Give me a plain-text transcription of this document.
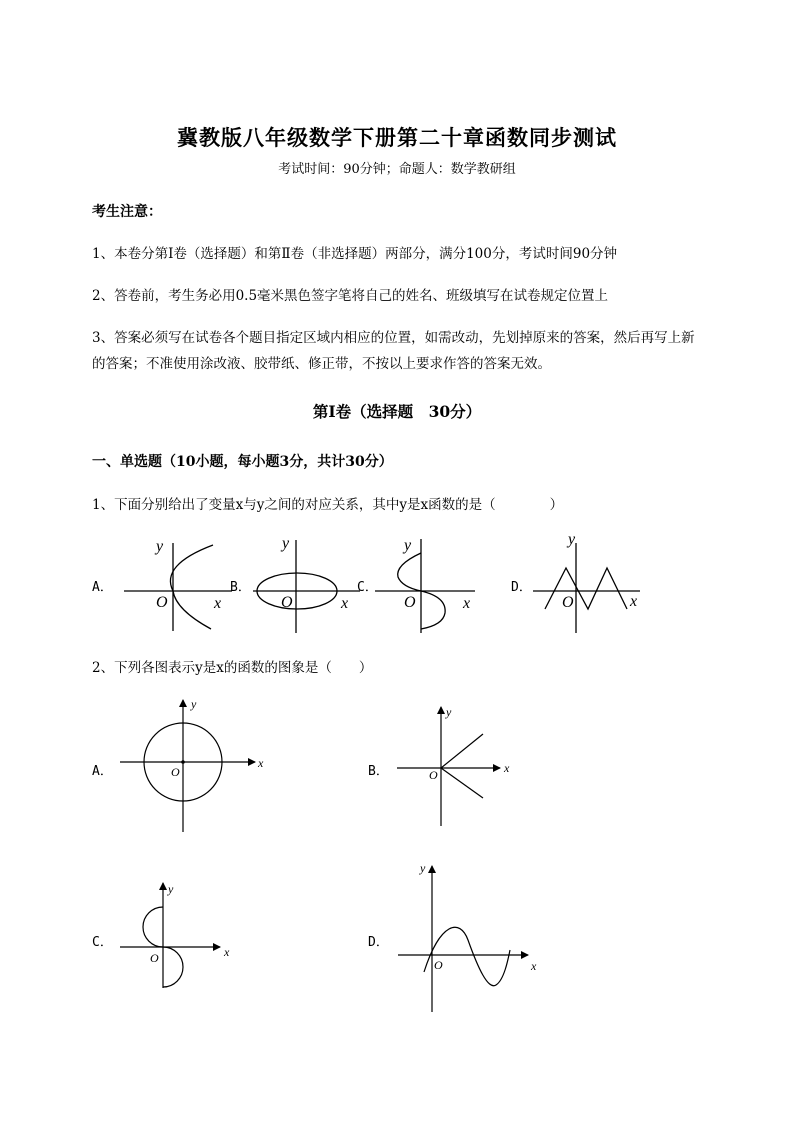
冀教版八年级数学下册第二十章函数同步测试
考试时间：90分钟；命题人：数学教研组
考生注意：
1、本卷分第I卷（选择题）和第Ⅱ卷（非选择题）两部分，满分100分，考试时间90分钟
2、答卷前，考生务必用0.5毫米黑色签字笔将自己的姓名、班级填写在试卷规定位置上
3、答案必须写在试卷各个题目指定区域内相应的位置，如需改动，先划掉原来的答案，然后再写上新
的答案；不准使用涂改液、胶带纸、修正带，不按以上要求作答的答案无效。
第I卷（选择题　30分）
一、单选题（10小题，每小题3分，共计30分）
1、下面分别给出了变量x与y之间的对应关系，其中y是x函数的是（　　　　）
A．	B．	C．	D．
y
x
O
y
x
O
y
x
O
y
x
O
2、下列各图表示y是x的函数的图象是（　　）
A．	B．
C．	D．
y
x
O
y
x
O
y
x
O
y
x
O
